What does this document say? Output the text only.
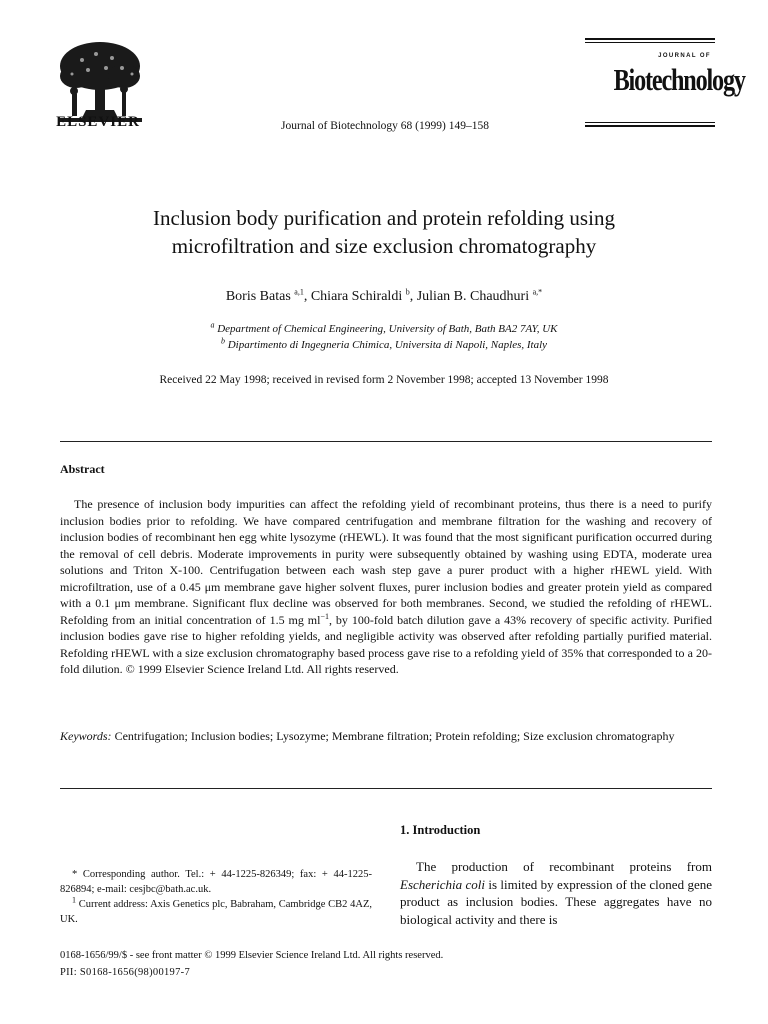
ELSEVIER	Journal of Biotechnology 68 (1999) 149–158
JOURNAL OF
Biotechnology
Inclusion body purification and protein refolding using
microfiltration and size exclusion chromatography
Boris Batas $^{a,1}$, Chiara Schiraldi $^b$, Julian B. Chaudhuri $^{a,*}$
$^a$ Department of Chemical Engineering, University of Bath, Bath BA2 7AY, UK
$^b$ Dipartimento di Ingegneria Chimica, Universita di Napoli, Naples, Italy
Received 22 May 1998; received in revised form 2 November 1998; accepted 13 November 1998
Abstract
The presence of inclusion body impurities can affect the refolding yield of recombinant proteins, thus there is a need to purify inclusion bodies prior to refolding. We have compared centrifugation and membrane filtration for the washing and recovery of inclusion bodies of recombinant hen egg white lysozyme (rHEWL). It was found that the most significant purification occurred during the removal of cell debris. Moderate improvements in purity were subsequently obtained by washing using EDTA, moderate urea solutions and Triton X-100. Centrifugation between each wash step gave a purer product with a higher rHEWL yield. With microfiltration, use of a 0.45 μm membrane gave higher solvent fluxes, purer inclusion bodies and greater protein yield as compared with a 0.1 μm membrane. Significant flux decline was observed for both membranes. Second, we studied the refolding of rHEWL. Refolding from an initial concentration of 1.5 mg $ml^{-1}$, by 100-fold batch dilution gave a 43% recovery of specific activity. Purified inclusion bodies gave rise to higher refolding yields, and negligible activity was observed after refolding partially purified material. Refolding rHEWL with a size exclusion chromatography based process gave rise to a refolding yield of 35% that corresponded to a 20-fold dilution. © 1999 Elsevier Science Ireland Ltd. All rights reserved.
Keywords: Centrifugation; Inclusion bodies; Lysozyme; Membrane filtration; Protein refolding; Size exclusion chromatography
1. Introduction
The production of recombinant proteins from Escherichia coli is limited by expression of the cloned gene product as inclusion bodies. These aggregates have no biological activity and there is
* Corresponding author. Tel.: + 44-1225-826349; fax: + 44-1225-826894; e-mail: cesjbc@bath.ac.uk.
$^1$ Current address: Axis Genetics plc, Babraham, Cambridge CB2 4AZ, UK.
0168-1656/99/$ - see front matter © 1999 Elsevier Science Ireland Ltd. All rights reserved.
PII: S0168-1656(98)00197-7
